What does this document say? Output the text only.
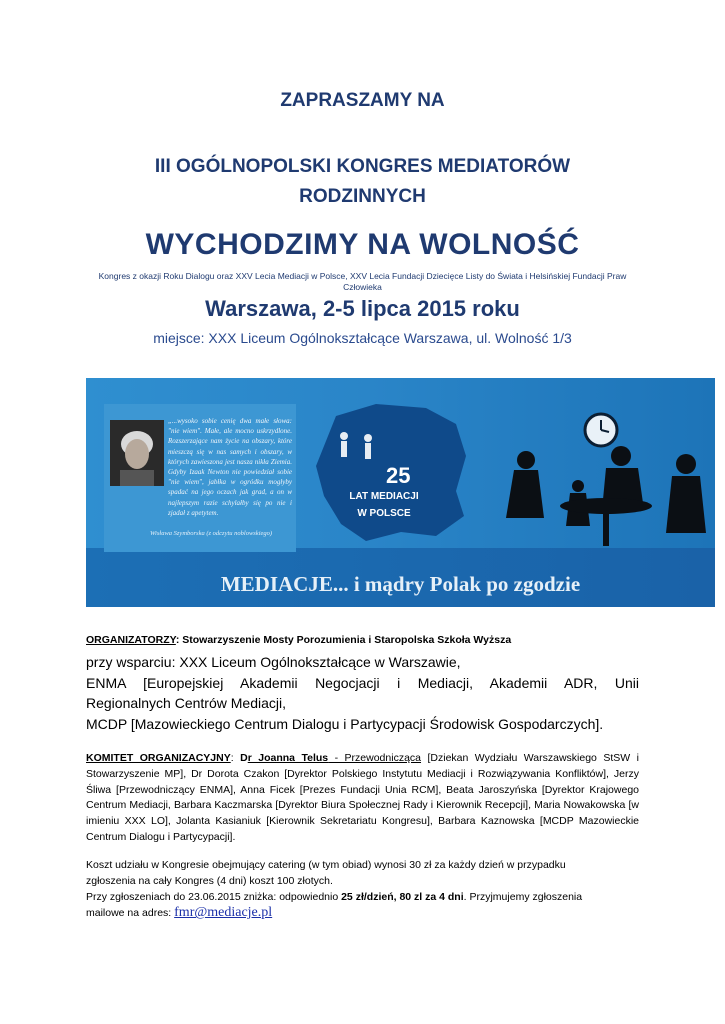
ZAPRASZAMY NA
III OGÓLNOPOLSKI KONGRES MEDIATORÓW RODZINNYCH
WYCHODZIMY NA WOLNOŚĆ
Kongres z okazji Roku Dialogu oraz XXV Lecia Mediacji w Polsce, XXV Lecia Fundacji Dziecięce Listy do Świata i Helsińskiej Fundacji Praw Człowieka
Warszawa, 2-5 lipca 2015 roku
miejsce: XXX Liceum Ogólnokształcące Warszawa, ul. Wolność 1/3
„...wysoko sobie cenię dwa małe słowa: "nie wiem". Małe, ale mocno uskrzydlone. Rozszerzające nam życie na obszary, które mieszczą się w nas samych i obszary, w których zawieszona jest nasza nikła Ziemia. Gdyby Izaak Newton nie powiedział sobie "nie wiem", jabłka w ogródku mogłyby spadać na jego oczach jak grad, a on w najlepszym razie schylałby się po nie i zjadał z apetytem.
Wisława Szymborska (z odczytu noblowskiego)
25
LAT MEDIACJI
W POLSCE
MEDIACJE... i mądry Polak po zgodzie
ORGANIZATORZY: Stowarzyszenie Mosty Porozumienia i Staropolska Szkoła Wyższa
przy wsparciu: XXX Liceum Ogólnokształcące w Warszawie,
ENMA [Europejskiej Akademii Negocjacji i Mediacji, Akademii ADR, Unii
Regionalnych Centrów Mediacji,
MCDP [Mazowieckiego Centrum Dialogu i Partycypacji Środowisk Gospodarczych].
KOMITET ORGANIZACYJNY: Dr Joanna Telus - Przewodnicząca [Dziekan Wydziału Warszawskiego StSW i Stowarzyszenie MP], Dr Dorota Czakon [Dyrektor Polskiego Instytutu Mediacji i Rozwiązywania Konfliktów], Jerzy Śliwa [Przewodniczący ENMA], Anna Ficek [Prezes Fundacji Unia RCM], Beata Jaroszyńska [Dyrektor Krajowego Centrum Mediacji, Barbara Kaczmarska [Dyrektor Biura Społecznej Rady i Kierownik Recepcji], Maria Nowakowska [w imieniu XXX LO], Jolanta Kasianiuk [Kierownik Sekretariatu Kongresu], Barbara Kaznowska [MCDP Mazowieckie Centrum Dialogu i Partycypacji].
Koszt udziału w Kongresie obejmujący catering (w tym obiad) wynosi 30 zł za każdy dzień w przypadku
zgłoszenia na cały Kongres (4 dni) koszt 100 złotych.
Przy zgłoszeniach do 23.06.2015 zniżka: odpowiednio 25 zł/dzień, 80 zl za 4 dni. Przyjmujemy zgłoszenia
mailowe na adres: fmr@mediacje.pl
